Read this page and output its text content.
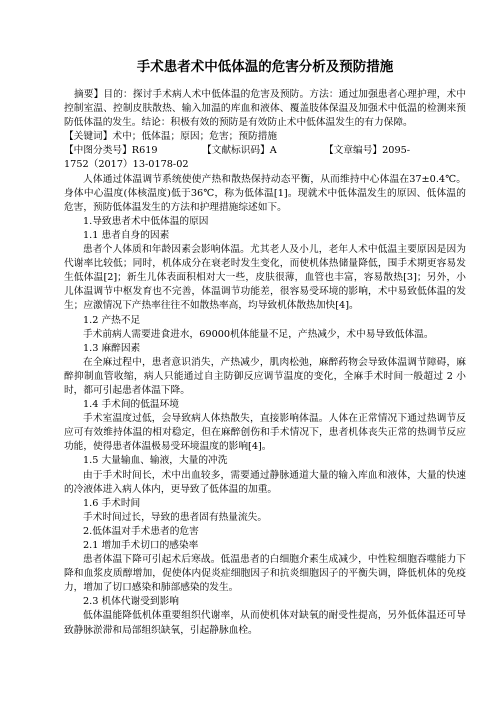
手术患者术中低体温的危害分析及预防措施

摘要】目的：探讨手术病人术中低体温的危害及预防。方法：通过加强患者心理护理，术中控制室温、控制皮肤散热、输入加温的库血和液体、覆盖肢体保温及加强术中低温的检测来预防低体温的发生。结论：积极有效的预防是有效防止术中低体温发生的有力保障。

【关键词】术中；低体温；原因；危害；预防措施

【中图分类号】R619	【文献标识码】A	【文章编号】2095-

1752（2017）13-0178-02

人体通过体温调节系统使使产热和散热保持动态平衡，从而维持中心体温在37±0.4℃。身体中心温度(体核温度)低于36℃，称为低体温[1]。现就术中低体温发生的原因、低体温的危害，预防低体温发生的方法和护理措施综述如下。

1.导致患者术中低体温的原因

1.1 患者自身的因素

患者个人体质和年龄因素会影响体温。尤其老人及小儿，老年人术中低温主要原因是因为代谢率比较低；同时，机体成分在衰老时发生变化，而使机体热储量降低，围手术期更容易发生低体温[2]；新生儿体表面积相对大一些，皮肤很薄，血管也丰富，容易散热[3]；另外，小儿体温调节中枢发育也不完善，体温调节功能差，很容易受环境的影响，术中易致低体温的发生；应激情况下产热率往往不如散热率高，均导致机体散热加快[4]。

1.2 产热不足

手术前病人需要进食进水，69000机体能量不足，产热减少，术中易导致低体温。

1.3 麻醉因素

在全麻过程中，患者意识消失，产热减少，肌肉松弛，麻醉药物会导致体温调节障碍，麻醉抑制血管收缩，病人只能通过自主防御反应调节温度的变化，全麻手术时间一般超过 2 小时，都可引起患者体温下降。

1.4 手术间的低温环境

手术室温度过低，会导致病人体热散失，直接影响体温。人体在正常情况下通过热调节反应可有效维持体温的相对稳定，但在麻醉创伤和手术情况下，患者机体丧失正常的热调节反应功能，使得患者体温极易受环境温度的影响[4]。

1.5 大量输血、输液，大量的冲洗

由于手术时间长，术中出血较多，需要通过静脉通道大量的输入库血和液体，大量的快速的冷液体进入病人体内，更导致了低体温的加重。

1.6 手术时间

手术时间过长，导致的患者固有热量流失。

2.低体温对手术患者的危害

2.1 增加手术切口的感染率

患者体温下降可引起术后寒战。低温患者的白细胞介素生成减少，中性粒细胞吞噬能力下降和血浆皮质醇增加，促使体内促炎症细胞因子和抗炎细胞因子的平衡失调，降低机体的免疫力，增加了切口感染和肺部感染的发生。

2.3 机体代谢受到影响

低体温能降低机体重要组织代谢率，从而使机体对缺氧的耐受性提高，另外低体温还可导致静脉淤滞和局部组织缺氧，引起静脉血栓。
